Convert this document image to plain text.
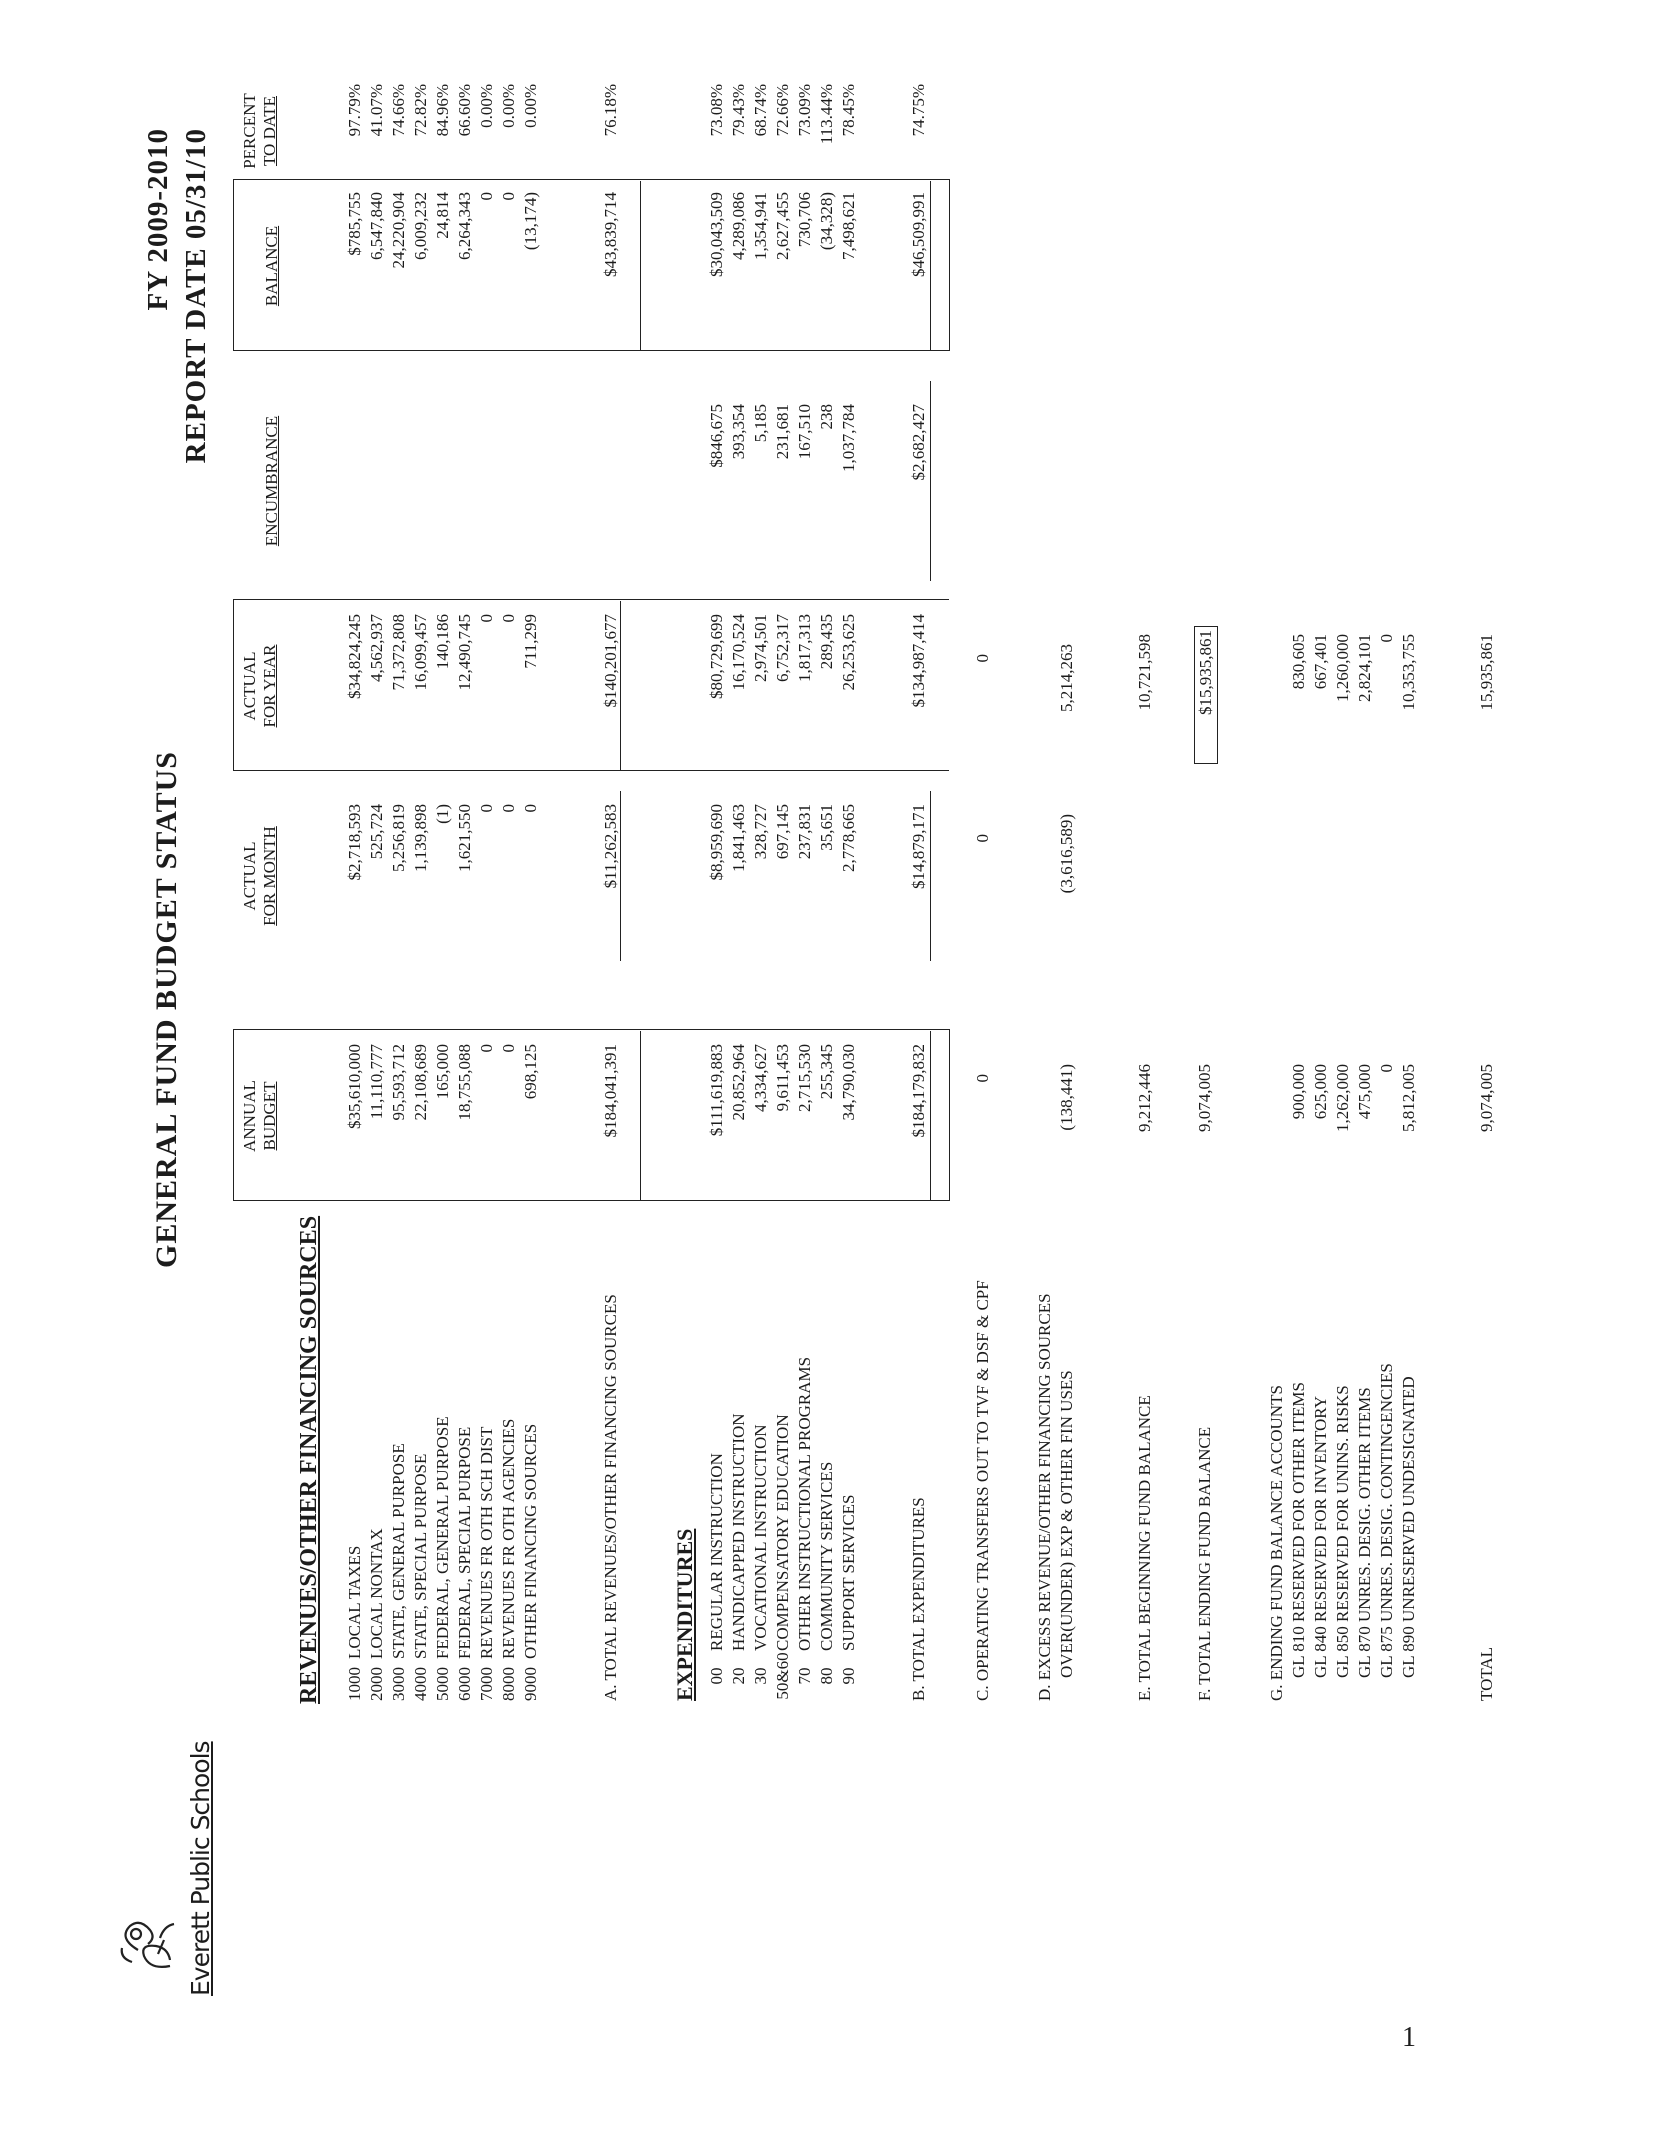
Everett Public Schools
GENERAL FUND BUDGET STATUS
FY 2009-2010 REPORT DATE 05/31/10
ANNUAL BUDGET
ACTUAL FOR MONTH
ACTUAL FOR YEAR
ENCUMBRANCE
BALANCE
PERCENT TO DATE
REVENUES/OTHER FINANCING SOURCES 1000LOCAL TAXES
2000LOCAL NONTAX
3000STATE, GENERAL PURPOSE
4000STATE, SPECIAL PURPOSE
5000FEDERAL, GENERAL PURPOSE
6000FEDERAL, SPECIAL PURPOSE
7000REVENUES FR OTH SCH DIST
8000REVENUES FR OTH AGENCIES
9000OTHER FINANCING SOURCES
$35,610,000 11,110,777 95,593,712 22,108,689 165,000 18,755,088 0 0 698,125
$2,718,593 525,724 5,256,819 1,139,898 (1) 1,621,550 0 0 0
$34,824,245 4,562,937 71,372,808 16,099,457 140,186 12,490,745 0 0 711,299
$785,755 6,547,840 24,220,904 6,009,232 24,814 6,264,343 0 0 (13,174)
97.79% 41.07% 74.66% 72.82% 84.96% 66.60% 0.00% 0.00% 0.00%
A. TOTAL REVENUES/OTHER FINANCING SOURCES
$184,041,391
$11,262,583
$140,201,677
$43,839,714
76.18%
EXPENDITURES 00REGULAR INSTRUCTION
20HANDICAPPED INSTRUCTION
30VOCATIONAL INSTRUCTION
50&60COMPENSATORY EDUCATION
70OTHER INSTRUCTIONAL PROGRAMS
80COMMUNITY SERVICES
90SUPPORT SERVICES
$111,619,883 20,852,964 4,334,627 9,611,453 2,715,530 255,345 34,790,030
$8,959,690 1,841,463 328,727 697,145 237,831 35,651 2,778,665
$80,729,699 16,170,524 2,974,501 6,752,317 1,817,313 289,435 26,253,625
$846,675 393,354 5,185 231,681 167,510 238 1,037,784
$30,043,509 4,289,086 1,354,941 2,627,455 730,706 (34,328) 7,498,621
73.08% 79.43% 68.74% 72.66% 73.09% 113.44% 78.45%
B. TOTAL EXPENDITURES
$184,179,832
$14,879,171
$134,987,414
$2,682,427
$46,509,991
74.75%
C. OPERATING TRANSFERS OUT TO TVF & DSF & CPF
0
0
0
D. EXCESS REVENUE/OTHER FINANCING SOURCES OVER(UNDER) EXP & OTHER FIN USES
(138,441)
(3,616,589)
5,214,263
E. TOTAL BEGINNING FUND BALANCE
9,212,446
10,721,598
F. TOTAL ENDING FUND BALANCE
9,074,005
$15,935,861
G. ENDING FUND BALANCE ACCOUNTS GL 810 RESERVED FOR OTHER ITEMS GL 840 RESERVED FOR INVENTORY GL 850 RESERVED FOR UNINS. RISKS GL 870 UNRES. DESIG. OTHER ITEMS GL 875 UNRES. DESIG. CONTINGENCIES GL 890 UNRESERVED UNDESIGNATED
900,000 625,000 1,262,000 475,000 0 5,812,005
830,605 667,401 1,260,000 2,824,101 0 10,353,755
TOTAL
9,074,005
15,935,861
1
